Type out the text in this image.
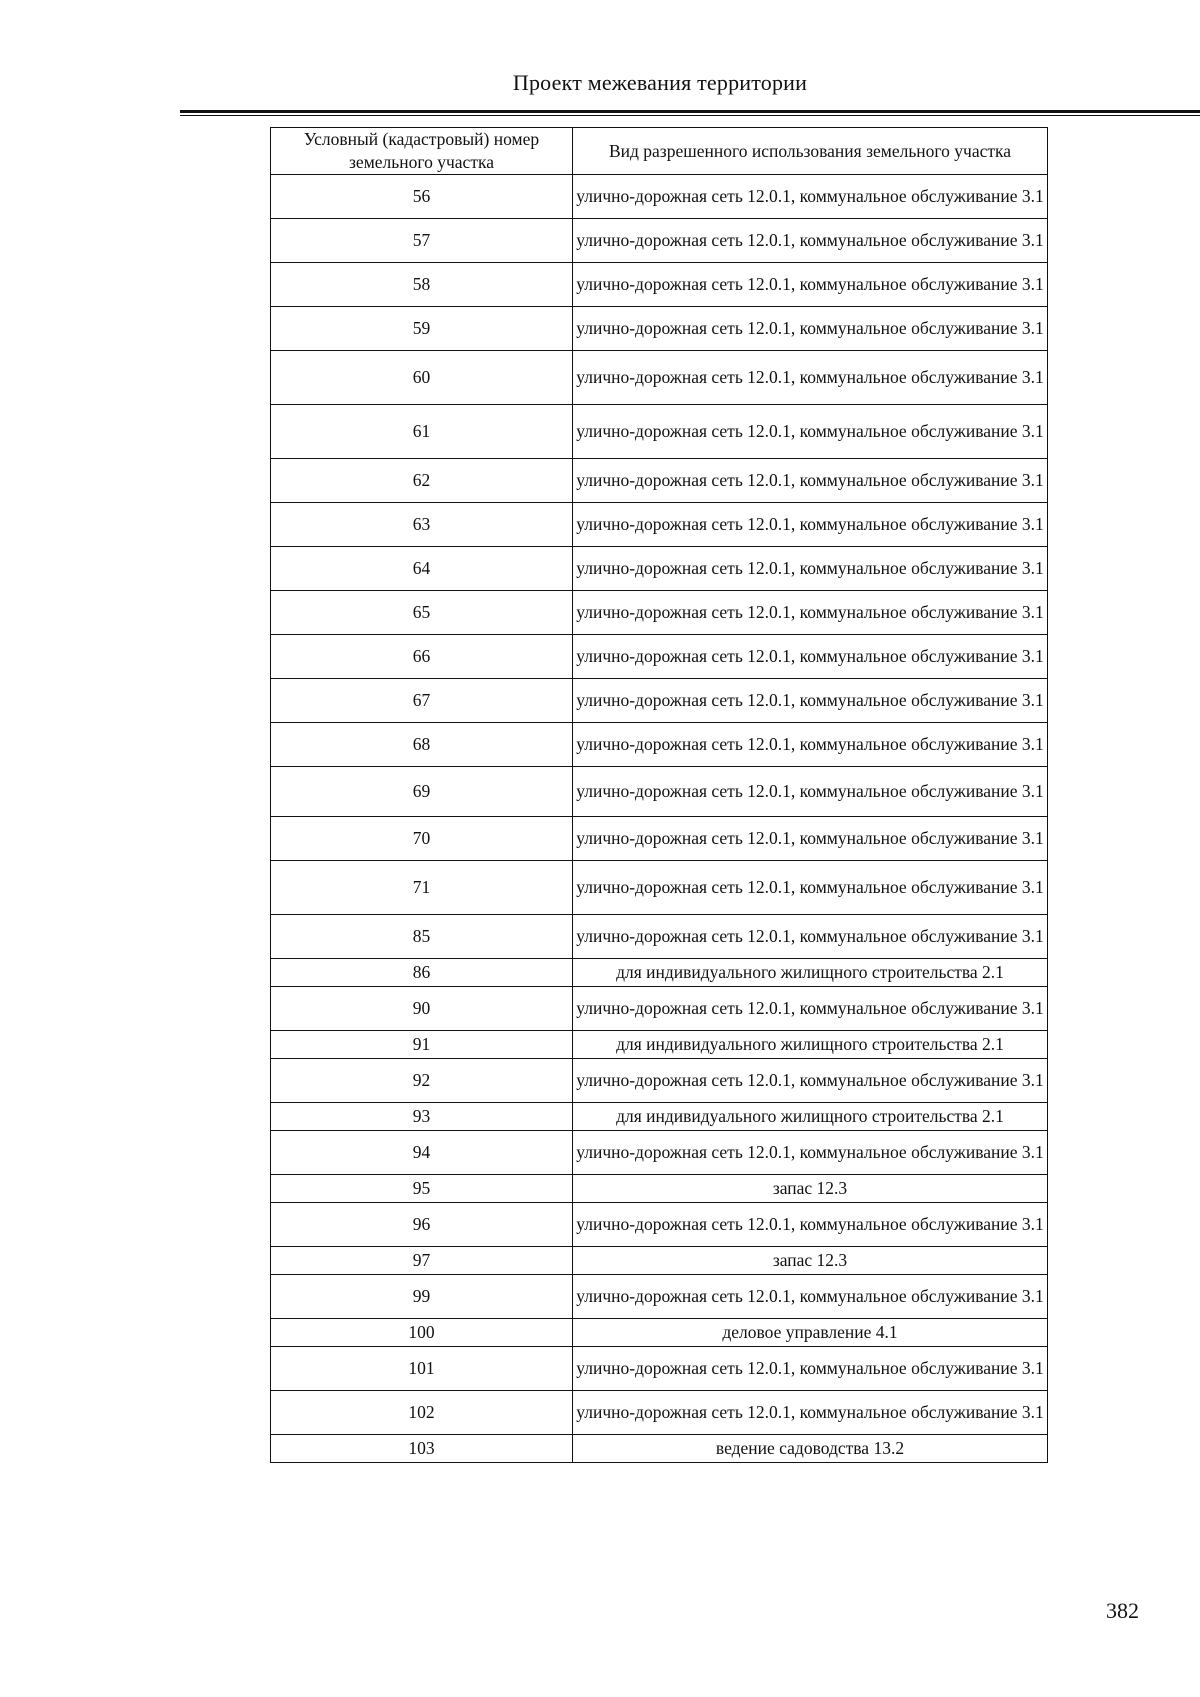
Проект межевания территории
Условный (кадастровый) номер земельного участка	Вид разрешенного использования земельного участка
56	улично-дорожная сеть 12.0.1, коммунальное обслуживание 3.1
57	улично-дорожная сеть 12.0.1, коммунальное обслуживание 3.1
58	улично-дорожная сеть 12.0.1, коммунальное обслуживание 3.1
59	улично-дорожная сеть 12.0.1, коммунальное обслуживание 3.1
60	улично-дорожная сеть 12.0.1, коммунальное обслуживание 3.1
61	улично-дорожная сеть 12.0.1, коммунальное обслуживание 3.1
62	улично-дорожная сеть 12.0.1, коммунальное обслуживание 3.1
63	улично-дорожная сеть 12.0.1, коммунальное обслуживание 3.1
64	улично-дорожная сеть 12.0.1, коммунальное обслуживание 3.1
65	улично-дорожная сеть 12.0.1, коммунальное обслуживание 3.1
66	улично-дорожная сеть 12.0.1, коммунальное обслуживание 3.1
67	улично-дорожная сеть 12.0.1, коммунальное обслуживание 3.1
68	улично-дорожная сеть 12.0.1, коммунальное обслуживание 3.1
69	улично-дорожная сеть 12.0.1, коммунальное обслуживание 3.1
70	улично-дорожная сеть 12.0.1, коммунальное обслуживание 3.1
71	улично-дорожная сеть 12.0.1, коммунальное обслуживание 3.1
85	улично-дорожная сеть 12.0.1, коммунальное обслуживание 3.1
86	для индивидуального жилищного строительства 2.1
90	улично-дорожная сеть 12.0.1, коммунальное обслуживание 3.1
91	для индивидуального жилищного строительства 2.1
92	улично-дорожная сеть 12.0.1, коммунальное обслуживание 3.1
93	для индивидуального жилищного строительства 2.1
94	улично-дорожная сеть 12.0.1, коммунальное обслуживание 3.1
95	запас 12.3
96	улично-дорожная сеть 12.0.1, коммунальное обслуживание 3.1
97	запас 12.3
99	улично-дорожная сеть 12.0.1, коммунальное обслуживание 3.1
100	деловое управление 4.1
101	улично-дорожная сеть 12.0.1, коммунальное обслуживание 3.1
102	улично-дорожная сеть 12.0.1, коммунальное обслуживание 3.1
103	ведение садоводства 13.2
382
